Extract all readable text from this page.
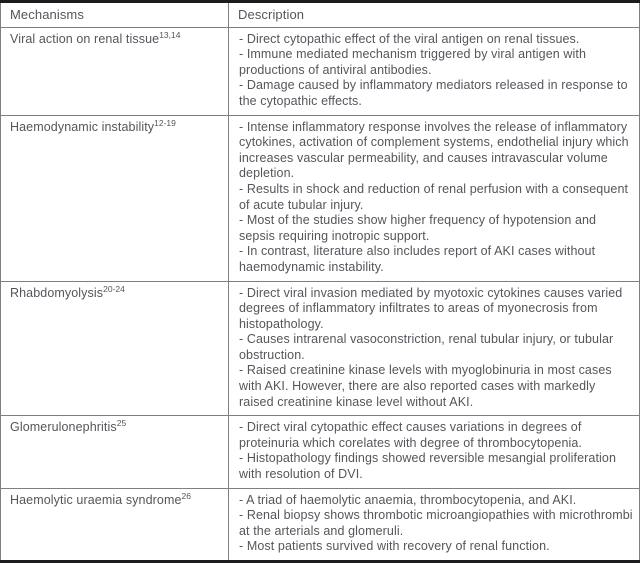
Mechanisms	Description
Viral action on renal tissue$^{13,14}$	- Direct cytopathic effect of the viral antigen on renal tissues.
- Immune mediated mechanism triggered by viral antigen with productions of antiviral antibodies.
- Damage caused by inflammatory mediators released in response to the cytopathic effects.

Haemodynamic instability$^{12-19}$	- Intense inflammatory response involves the release of inflammatory cytokines, activation of complement systems, endothelial injury which increases vascular permeability, and causes intravascular volume depletion.
- Results in shock and reduction of renal perfusion with a consequent of acute tubular injury.
- Most of the studies show higher frequency of hypotension and sepsis requiring inotropic support.
- In contrast, literature also includes report of AKI cases without haemodynamic instability.

Rhabdomyolysis$^{20-24}$	- Direct viral invasion mediated by myotoxic cytokines causes varied degrees of inflammatory infiltrates to areas of myonecrosis from histopathology.
- Causes intrarenal vasoconstriction, renal tubular injury, or tubular obstruction.
- Raised creatinine kinase levels with myoglobinuria in most cases with AKI. However, there are also reported cases with markedly raised creatinine kinase level without AKI.

Glomerulonephritis$^{25}$	- Direct viral cytopathic effect causes variations in degrees of proteinuria which corelates with degree of thrombocytopenia.
- Histopathology findings showed reversible mesangial proliferation with resolution of DVI.

Haemolytic uraemia syndrome$^{26}$	- A triad of haemolytic anaemia, thrombocytopenia, and AKI.
- Renal biopsy shows thrombotic microangiopathies with microthrombi at the arterials and glomeruli.
- Most patients survived with recovery of renal function.
